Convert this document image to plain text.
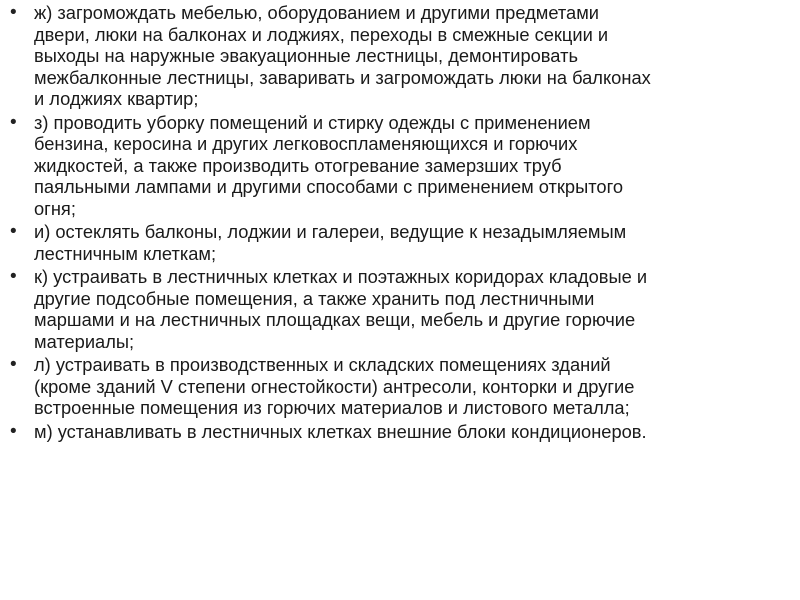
• ж) загромождать мебелью, оборудованием и другими предметами
двери, люки на балконах и лоджиях, переходы в смежные секции и
выходы на наружные эвакуационные лестницы, демонтировать
межбалконные лестницы, заваривать и загромождать люки на балконах
и лоджиях квартир;
• з) проводить уборку помещений и стирку одежды с применением
бензина, керосина и других легковоспламеняющихся и горючих
жидкостей, а также производить отогревание замерзших труб
паяльными лампами и другими способами с применением открытого
огня;
• и) остеклять балконы, лоджии и галереи, ведущие к незадымляемым
лестничным клеткам;
• к) устраивать в лестничных клетках и поэтажных коридорах кладовые и
другие подсобные помещения, а также хранить под лестничными
маршами и на лестничных площадках вещи, мебель и другие горючие
материалы;
• л) устраивать в производственных и складских помещениях зданий
(кроме зданий V степени огнестойкости) антресоли, конторки и другие
встроенные помещения из горючих материалов и листового металла;
• м) устанавливать в лестничных клетках внешние блоки кондиционеров.
